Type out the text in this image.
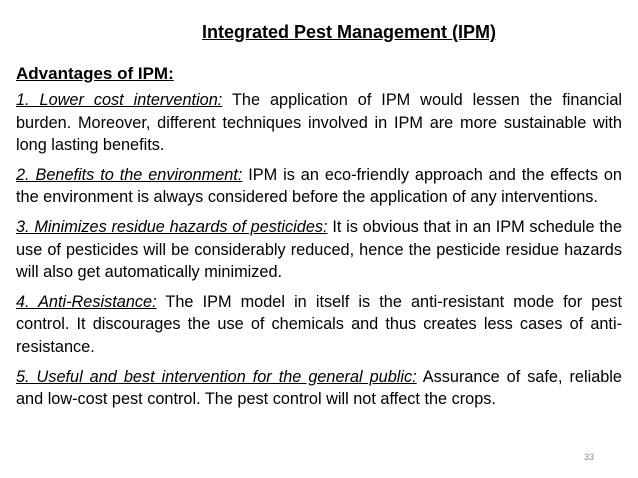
Integrated Pest Management (IPM)
Advantages of IPM:

1. Lower cost intervention: The application of IPM would lessen the financial burden. Moreover, different techniques involved in IPM are more sustainable with long lasting benefits.

2. Benefits to the environment: IPM is an eco-friendly approach and the effects on the environment is always considered before the application of any interventions.

3. Minimizes residue hazards of pesticides: It is obvious that in an IPM schedule the use of pesticides will be considerably reduced, hence the pesticide residue hazards will also get automatically minimized.

4. Anti-Resistance: The IPM model in itself is the anti-resistant mode for pest control. It discourages the use of chemicals and thus creates less cases of anti-resistance.

5. Useful and best intervention for the general public: Assurance of safe, reliable and low-cost pest control. The pest control will not affect the crops.

33
